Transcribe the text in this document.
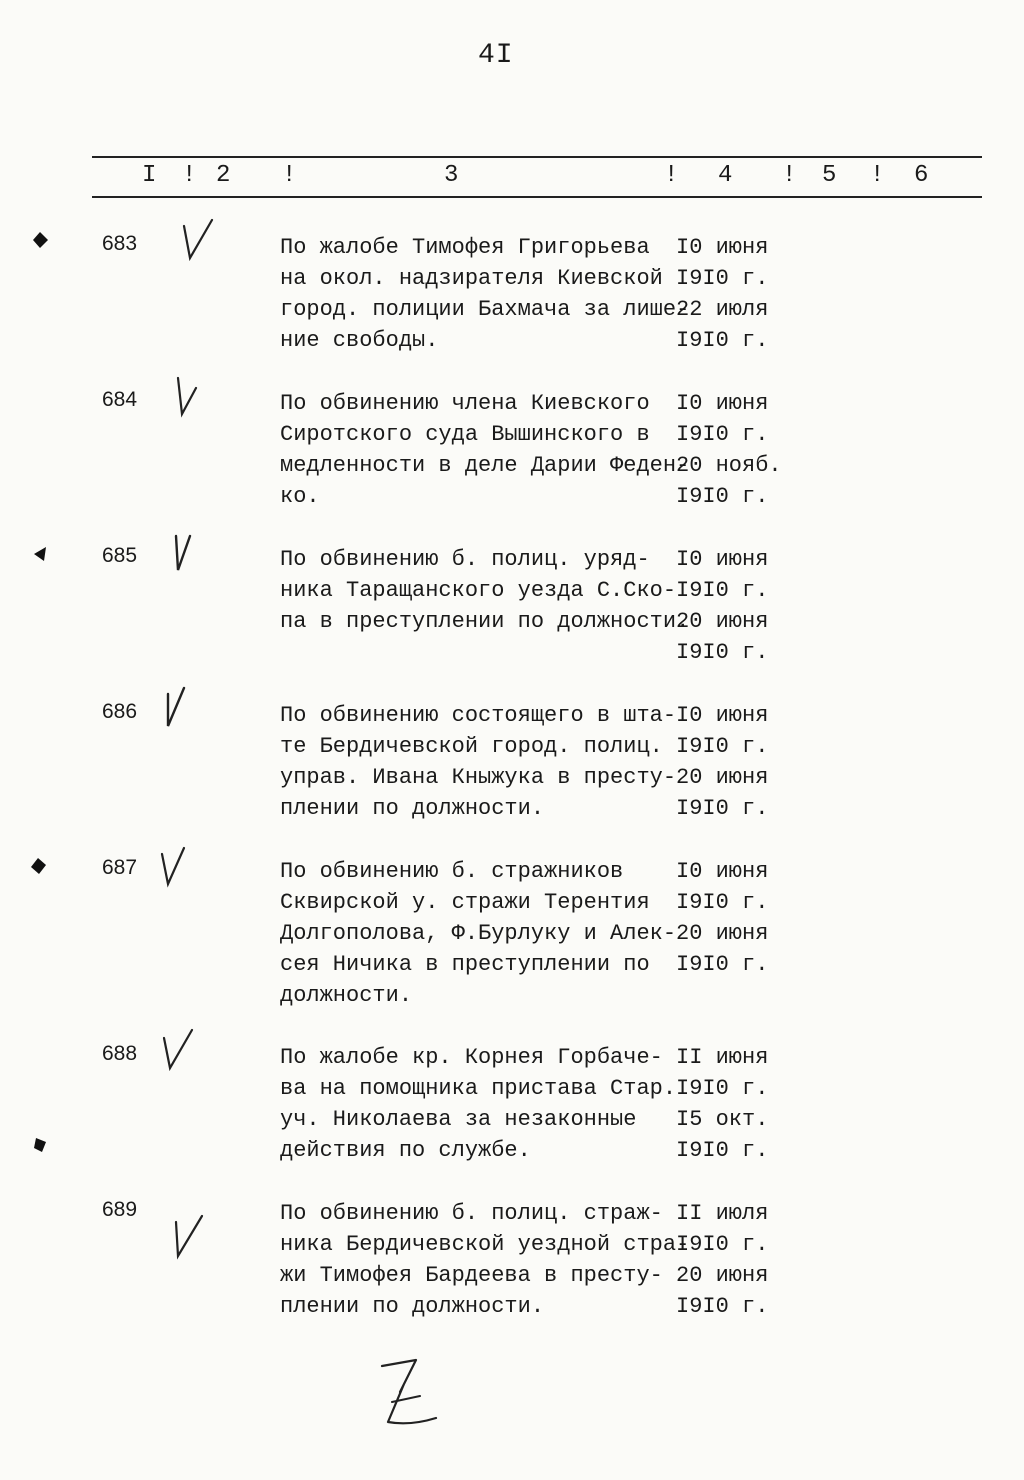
4I
I ! 2 !	3	! 4 ! 5 ! 6
683	По жалобе Тимофея Григорьева
на окол. надзирателя Киевской
город. полиции Бахмача за лише-
ние свободы.
I0 июня
I9I0 г.
22 июля
I9I0 г.
684	По обвинению члена Киевского
Сиротского суда Вышинского в
медленности в деле Дарии Феден-
ко.
I0 июня
I9I0 г.
20 нояб.
I9I0 г.
685	По обвинению б. полиц. уряд-
ника Таращанского уезда С.Ско-
па в преступлении по должности.
I0 июня
I9I0 г.
20 июня
I9I0 г.
686	По обвинению состоящего в шта-
те Бердичевской город. полиц.
управ. Ивана Кныжука в престу-
плении по должности.
I0 июня
I9I0 г.
20 июня
I9I0 г.
687	По обвинению б. стражников
Сквирской у. стражи Терентия
Долгополова, Ф.Бурлуку и Алек-
сея Ничика в преступлении по
должности.
I0 июня
I9I0 г.
20 июня
I9I0 г.
688	По жалобе кр. Корнея Горбаче-
ва на помощника пристава Стар.
уч. Николаева за незаконные
действия по службе.
II июня
I9I0 г.
I5 окт.
I9I0 г.
689	По обвинению б. полиц. страж-
ника Бердичевской уездной стра-
жи Тимофея Бардеева в престу-
плении по должности.
II июля
I9I0 г.
20 июня
I9I0 г.
